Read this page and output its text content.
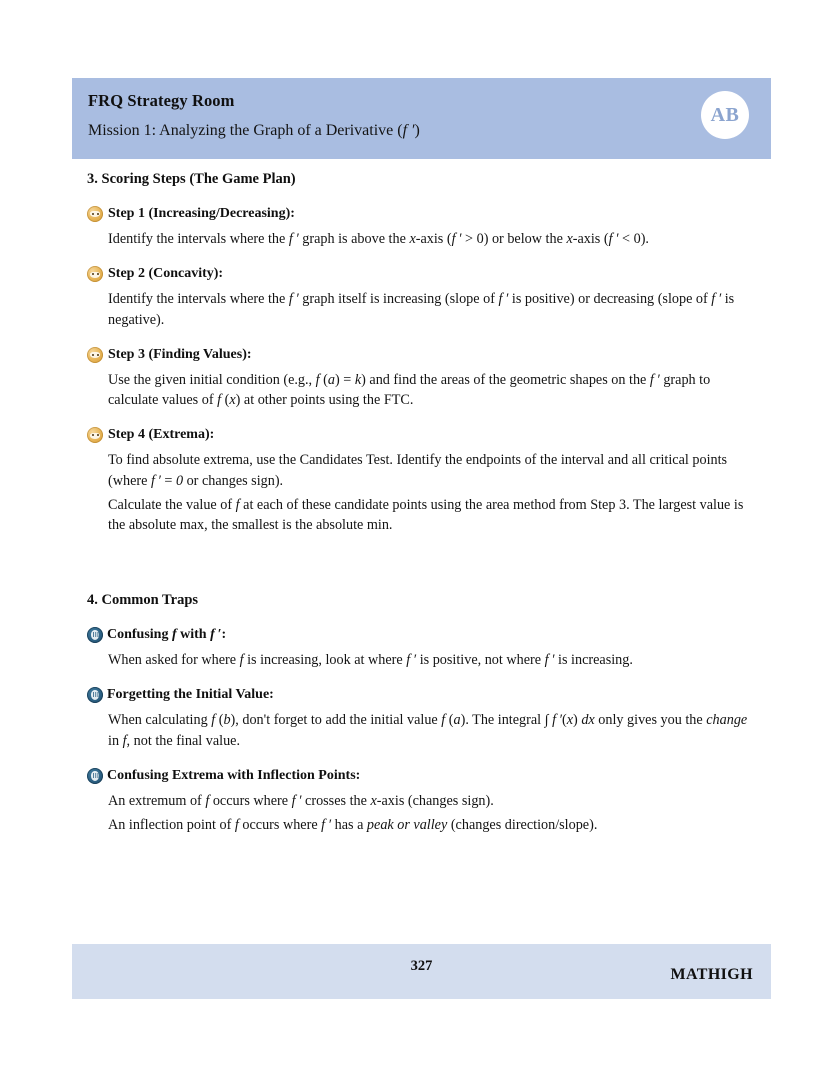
FRQ Strategy Room
Mission 1: Analyzing the Graph of a Derivative (f ′)
AB
3. Scoring Steps (The Game Plan)
Step 1 (Increasing/Decreasing):

Identify the intervals where the f ′ graph is above the x-axis (f ′ > 0) or below the x-axis (f ′ < 0).

Step 2 (Concavity):

Identify the intervals where the f ′ graph itself is increasing (slope of f ′ is positive) or decreasing (slope of f ′ is negative).

Step 3 (Finding Values):

Use the given initial condition (e.g., f (a) = k) and find the areas of the geometric shapes on the f ′ graph to calculate values of f (x) at other points using the FTC.

Step 4 (Extrema):

To find absolute extrema, use the Candidates Test. Identify the endpoints of the interval and all critical points (where f ′ = 0 or changes sign).

Calculate the value of f at each of these candidate points using the area method from Step 3. The largest value is the absolute max, the smallest is the absolute min.

4. Common Traps
Confusing f with f ′:

When asked for where f is increasing, look at where f ′ is positive, not where f ′ is increasing.

Forgetting the Initial Value:

When calculating f (b), don't forget to add the initial value f (a). The integral ∫ f ′(x) dx only gives you the change in f, not the final value.

Confusing Extrema with Inflection Points:

An extremum of f occurs where f ′ crosses the x-axis (changes sign).

An inflection point of f occurs where f ′ has a peak or valley (changes direction/slope).

327	MATHIGH
